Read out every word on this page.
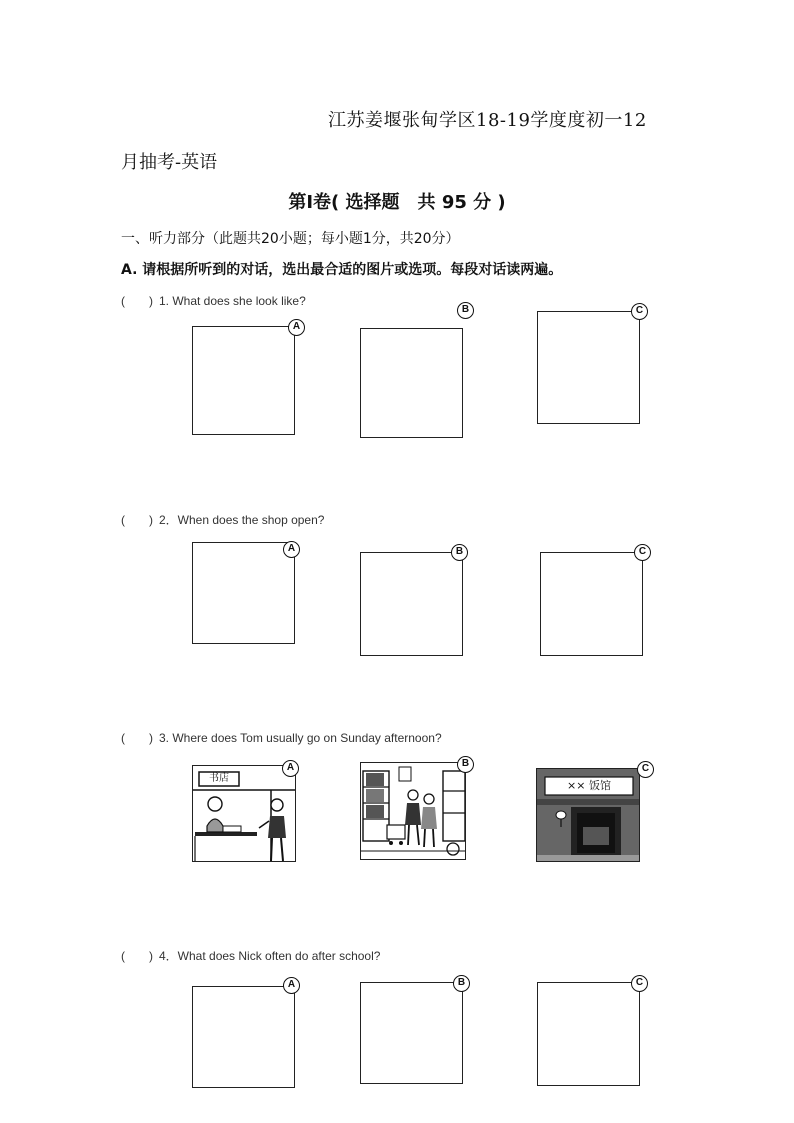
江苏姜堰张甸学区18-19学度度初一12
月抽考-英语
第Ⅰ卷( 选择题　共 95 分 )
一、听力部分（此题共20小题；每小题1分，共20分）
A. 请根据所听到的对话，选出最合适的图片或选项。每段对话读两遍。
(　　) 1. What does she look like?
A
B	C
(　　) 2．When does the shop open?
A	B	C
(　　) 3. Where does Tom usually go on Sunday afternoon?
书店
A	B
×× 饭馆
C
(　　) 4．What does Nick often do after school?
A	B	C
